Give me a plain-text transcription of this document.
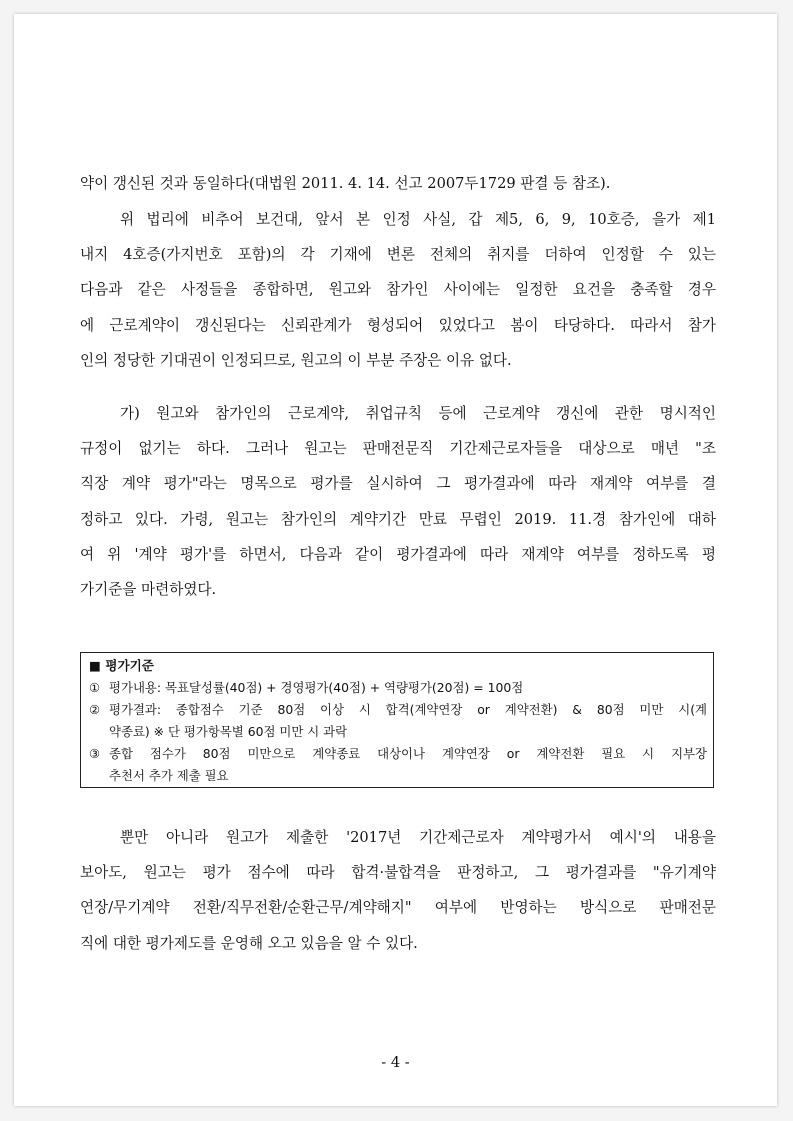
약이 갱신된 것과 동일하다(대법원 2011. 4. 14. 선고 2007두1729 판결 등 참조).
위 법리에 비추어 보건대, 앞서 본 인정 사실, 갑 제5, 6, 9, 10호증, 을가 제1
내지 4호증(가지번호 포함)의 각 기재에 변론 전체의 취지를 더하여 인정할 수 있는
다음과 같은 사정들을 종합하면, 원고와 참가인 사이에는 일정한 요건을 충족할 경우
에 근로계약이 갱신된다는 신뢰관계가 형성되어 있었다고 봄이 타당하다. 따라서 참가
인의 정당한 기대권이 인정되므로, 원고의 이 부분 주장은 이유 없다.
가) 원고와 참가인의 근로계약, 취업규칙 등에 근로계약 갱신에 관한 명시적인
규정이 없기는 하다. 그러나 원고는 판매전문직 기간제근로자들을 대상으로 매년 "조
직장 계약 평가"라는 명목으로 평가를 실시하여 그 평가결과에 따라 재계약 여부를 결
정하고 있다. 가령, 원고는 참가인의 계약기간 만료 무렵인 2019. 11.경 참가인에 대하
여 위 '계약 평가'를 하면서, 다음과 같이 평가결과에 따라 재계약 여부를 정하도록 평
가기준을 마련하였다.
■ 평가기준
① 평가내용: 목표달성률(40점) + 경영평가(40점) + 역량평가(20점) = 100점
② 평가결과: 종합점수 기준 80점 이상 시 합격(계약연장 or 계약전환) & 80점 미만 시(계
약종료) ※ 단 평가항목별 60점 미만 시 과락
③ 종합 점수가 80점 미만으로 계약종료 대상이나 계약연장 or 계약전환 필요 시 지부장
추천서 추가 제출 필요
뿐만 아니라 원고가 제출한 '2017년 기간제근로자 계약평가서 예시'의 내용을
보아도, 원고는 평가 점수에 따라 합격·불합격을 판정하고, 그 평가결과를 "유기계약
연장/무기계약 전환/직무전환/순환근무/계약해지" 여부에 반영하는 방식으로 판매전문
직에 대한 평가제도를 운영해 오고 있음을 알 수 있다.
- 4 -
